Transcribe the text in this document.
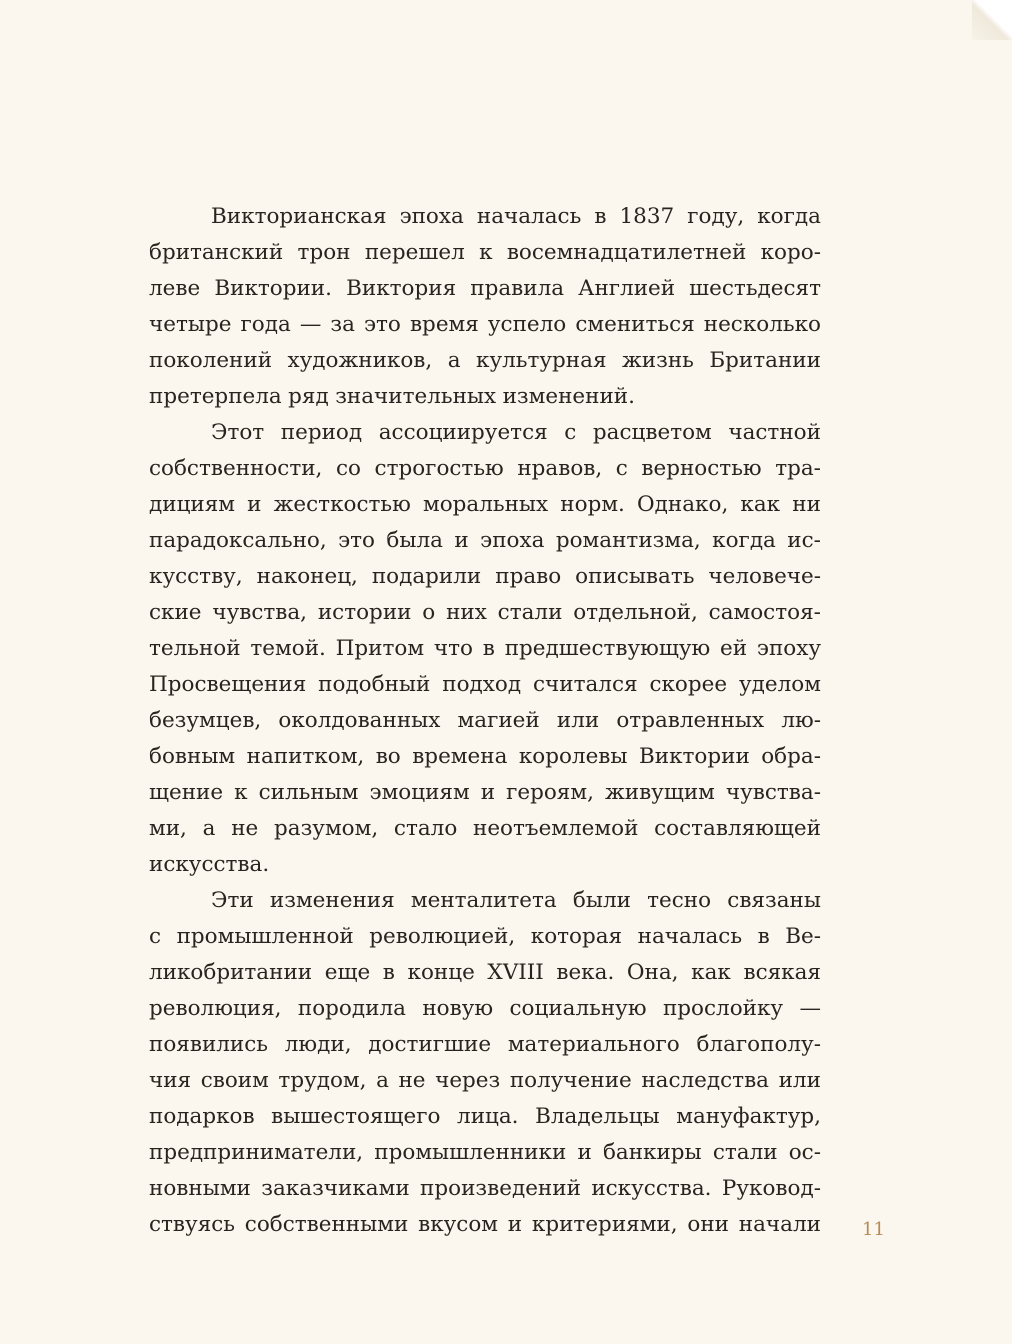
Викторианская эпоха началась в 1837 году, когда
британский трон перешел к восемнадцатилетней коро-
леве Виктории. Виктория правила Англией шестьдесят
четыре года — за это время успело смениться несколько
поколений художников, а культурная жизнь Британии
претерпела ряд значительных изменений.
Этот период ассоциируется с расцветом частной
собственности, со строгостью нравов, с верностью тра-
дициям и жесткостью моральных норм. Однако, как ни
парадоксально, это была и эпоха романтизма, когда ис-
кусству, наконец, подарили право описывать человече-
ские чувства, истории о них стали отдельной, самостоя-
тельной темой. Притом что в предшествующую ей эпоху
Просвещения подобный подход считался скорее уделом
безумцев, околдованных магией или отравленных лю-
бовным напитком, во времена королевы Виктории обра-
щение к сильным эмоциям и героям, живущим чувства-
ми, а не разумом, стало неотъемлемой составляющей
искусства.
Эти изменения менталитета были тесно связаны
с промышленной революцией, которая началась в Ве-
ликобритании еще в конце XVIII века. Она, как всякая
революция, породила новую социальную прослойку —
появились люди, достигшие материального благополу-
чия своим трудом, а не через получение наследства или
подарков вышестоящего лица. Владельцы мануфактур,
предприниматели, промышленники и банкиры стали ос-
новными заказчиками произведений искусства. Руковод-
ствуясь собственными вкусом и критериями, они начали 11
